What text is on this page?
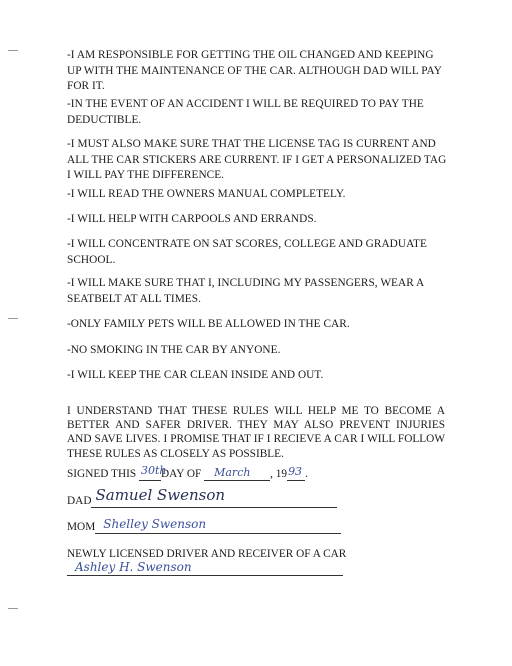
-I AM RESPONSIBLE FOR GETTING THE OIL CHANGED AND KEEPING UP WITH THE MAINTENANCE OF THE CAR. ALTHOUGH DAD WILL PAY FOR IT.
-IN THE EVENT OF AN ACCIDENT I WILL BE REQUIRED TO PAY THE DEDUCTIBLE.
-I MUST ALSO MAKE SURE THAT THE LICENSE TAG IS CURRENT AND ALL THE CAR STICKERS ARE CURRENT. IF I GET A PERSONALIZED TAG I WILL PAY THE DIFFERENCE.
-I WILL READ THE OWNERS MANUAL COMPLETELY.
-I WILL HELP WITH CARPOOLS AND ERRANDS.
-I WILL CONCENTRATE ON SAT SCORES, COLLEGE AND GRADUATE SCHOOL.
-I WILL MAKE SURE THAT I, INCLUDING MY PASSENGERS, WEAR A SEATBELT AT ALL TIMES.
-ONLY FAMILY PETS WILL BE ALLOWED IN THE CAR.
-NO SMOKING IN THE CAR BY ANYONE.
-I WILL KEEP THE CAR CLEAN INSIDE AND OUT.
I UNDERSTAND THAT THESE RULES WILL HELP ME TO BECOME A BETTER AND SAFER DRIVER. THEY MAY ALSO PREVENT INJURIES AND SAVE LIVES. I PROMISE THAT IF I RECIEVE A CAR I WILL FOLLOW THESE RULES AS CLOSELY AS POSSIBLE.
SIGNED THIS 30th
DAY OF March , 19 93 .
DAD Samuel Swenson
MOM Shelley Swenson
NEWLY LICENSED DRIVER AND RECEIVER OF A CAR
Ashley H. Swenson
